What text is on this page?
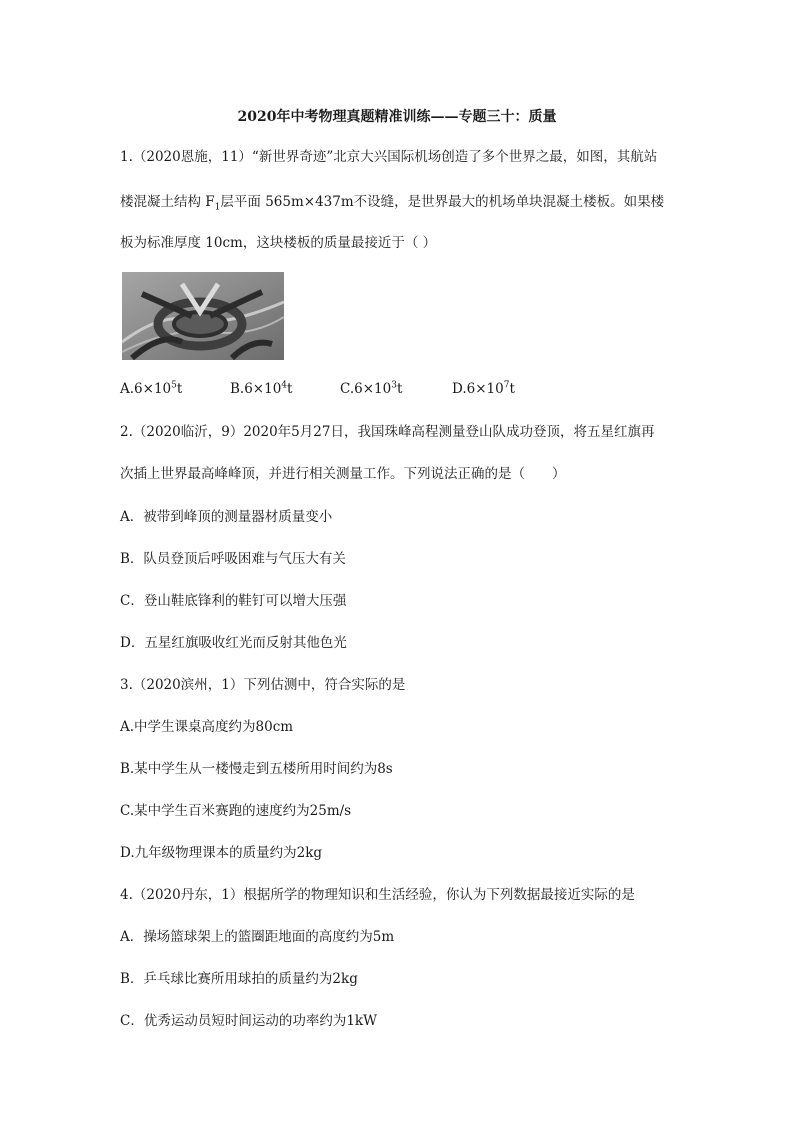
2020年中考物理真题精准训练——专题三十：质量
1.（2020恩施，11）“新世界奇迹”北京大兴国际机场创造了多个世界之最，如图，其航站
楼混凝土结构 $F_1$层平面 565m×437m不设缝，是世界最大的机场单块混凝土楼板。如果楼
板为标准厚度 10cm，这块楼板的质量最接近于（ ）
$A.6\times 10^5t$	$B.6\times 10^4t$	$C.6\times 10^3t$	$D.6\times 10^7t$
2.（2020临沂，9）2020年5月27日，我国珠峰高程测量登山队成功登顶，将五星红旗再
次插上世界最高峰峰顶，并进行相关测量工作。下列说法正确的是（　　）
A．被带到峰顶的测量器材质量变小
B．队员登顶后呼吸困难与气压大有关
C．登山鞋底锋利的鞋钉可以增大压强
D．五星红旗吸收红光而反射其他色光
3.（2020滨州，1）下列估测中，符合实际的是
A.中学生课桌高度约为80cm
B.某中学生从一楼慢走到五楼所用时间约为8s
C.某中学生百米赛跑的速度约为25m/s
D.九年级物理课本的质量约为2kg
4.（2020丹东，1）根据所学的物理知识和生活经验，你认为下列数据最接近实际的是
A．操场篮球架上的篮圈距地面的高度约为5m
B．乒乓球比赛所用球拍的质量约为2kg
C．优秀运动员短时间运动的功率约为1kW
